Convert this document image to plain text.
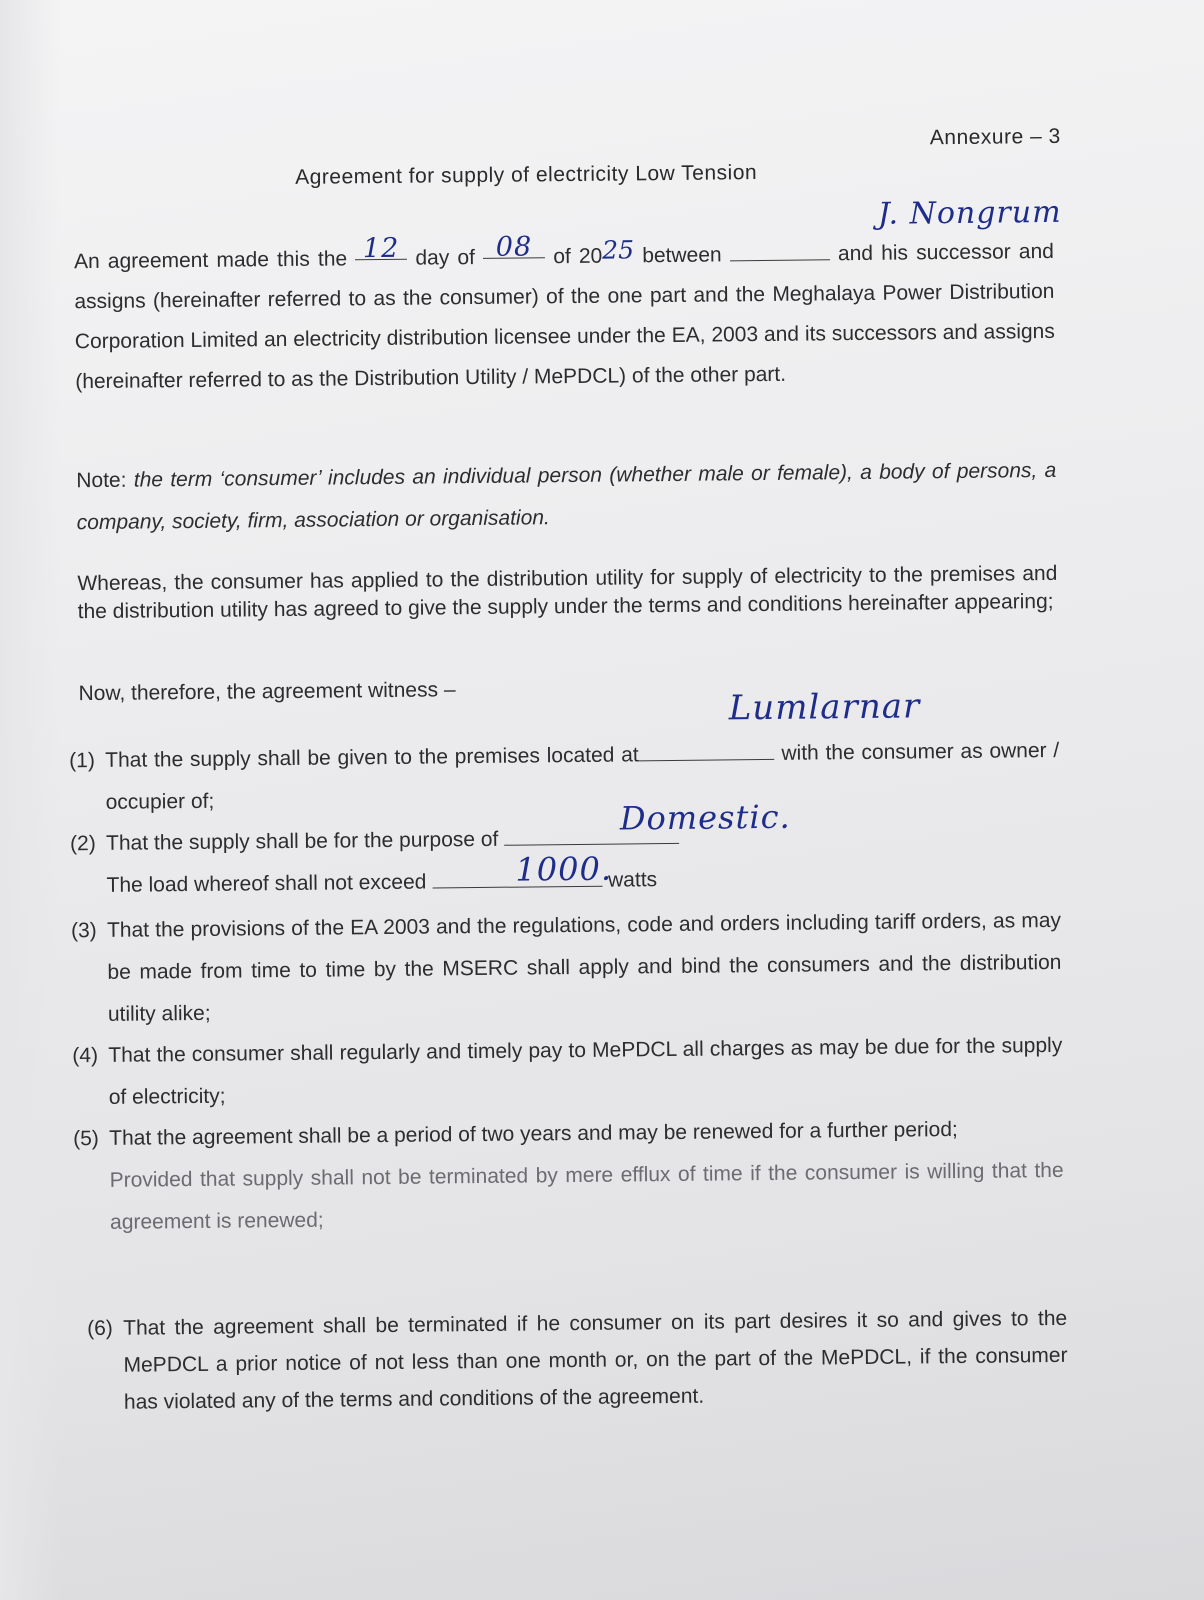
Annexure – 3
Agreement for supply of electricity Low Tension
J. Nongrum
An agreement made this the 12 day of 08 of 2025 between	and his successor and assigns (hereinafter referred to as the consumer) of the one part and the Meghalaya Power Distribution Corporation Limited an electricity distribution licensee under the EA, 2003 and its successors and assigns (hereinafter referred to as the Distribution Utility / MePDCL) of the other part.
Note: the term ‘consumer’ includes an individual person (whether male or female), a body of persons, a company, society, firm, association or organisation.
Whereas, the consumer has applied to the distribution utility for supply of electricity to the premises and the distribution utility has agreed to give the supply under the terms and conditions hereinafter appearing;
Now, therefore, the agreement witness –	Lumlarnar
(1) That the supply shall be given to the premises located at	with the consumer as owner / occupier of;	Domestic.
1000.
(2) That the supply shall be for the purpose of
The load whereof shall not exceed	watts
(3) That the provisions of the EA 2003 and the regulations, code and orders including tariff orders, as may be made from time to time by the MSERC shall apply and bind the consumers and the distribution utility alike;
(4) That the consumer shall regularly and timely pay to MePDCL all charges as may be due for the supply of electricity;
(5) That the agreement shall be a period of two years and may be renewed for a further period;
Provided that supply shall not be terminated by mere efflux of time if the consumer is willing that the agreement is renewed;
(6) That the agreement shall be terminated if he consumer on its part desires it so and gives to the MePDCL a prior notice of not less than one month or, on the part of the MePDCL, if the consumer has violated any of the terms and conditions of the agreement.
